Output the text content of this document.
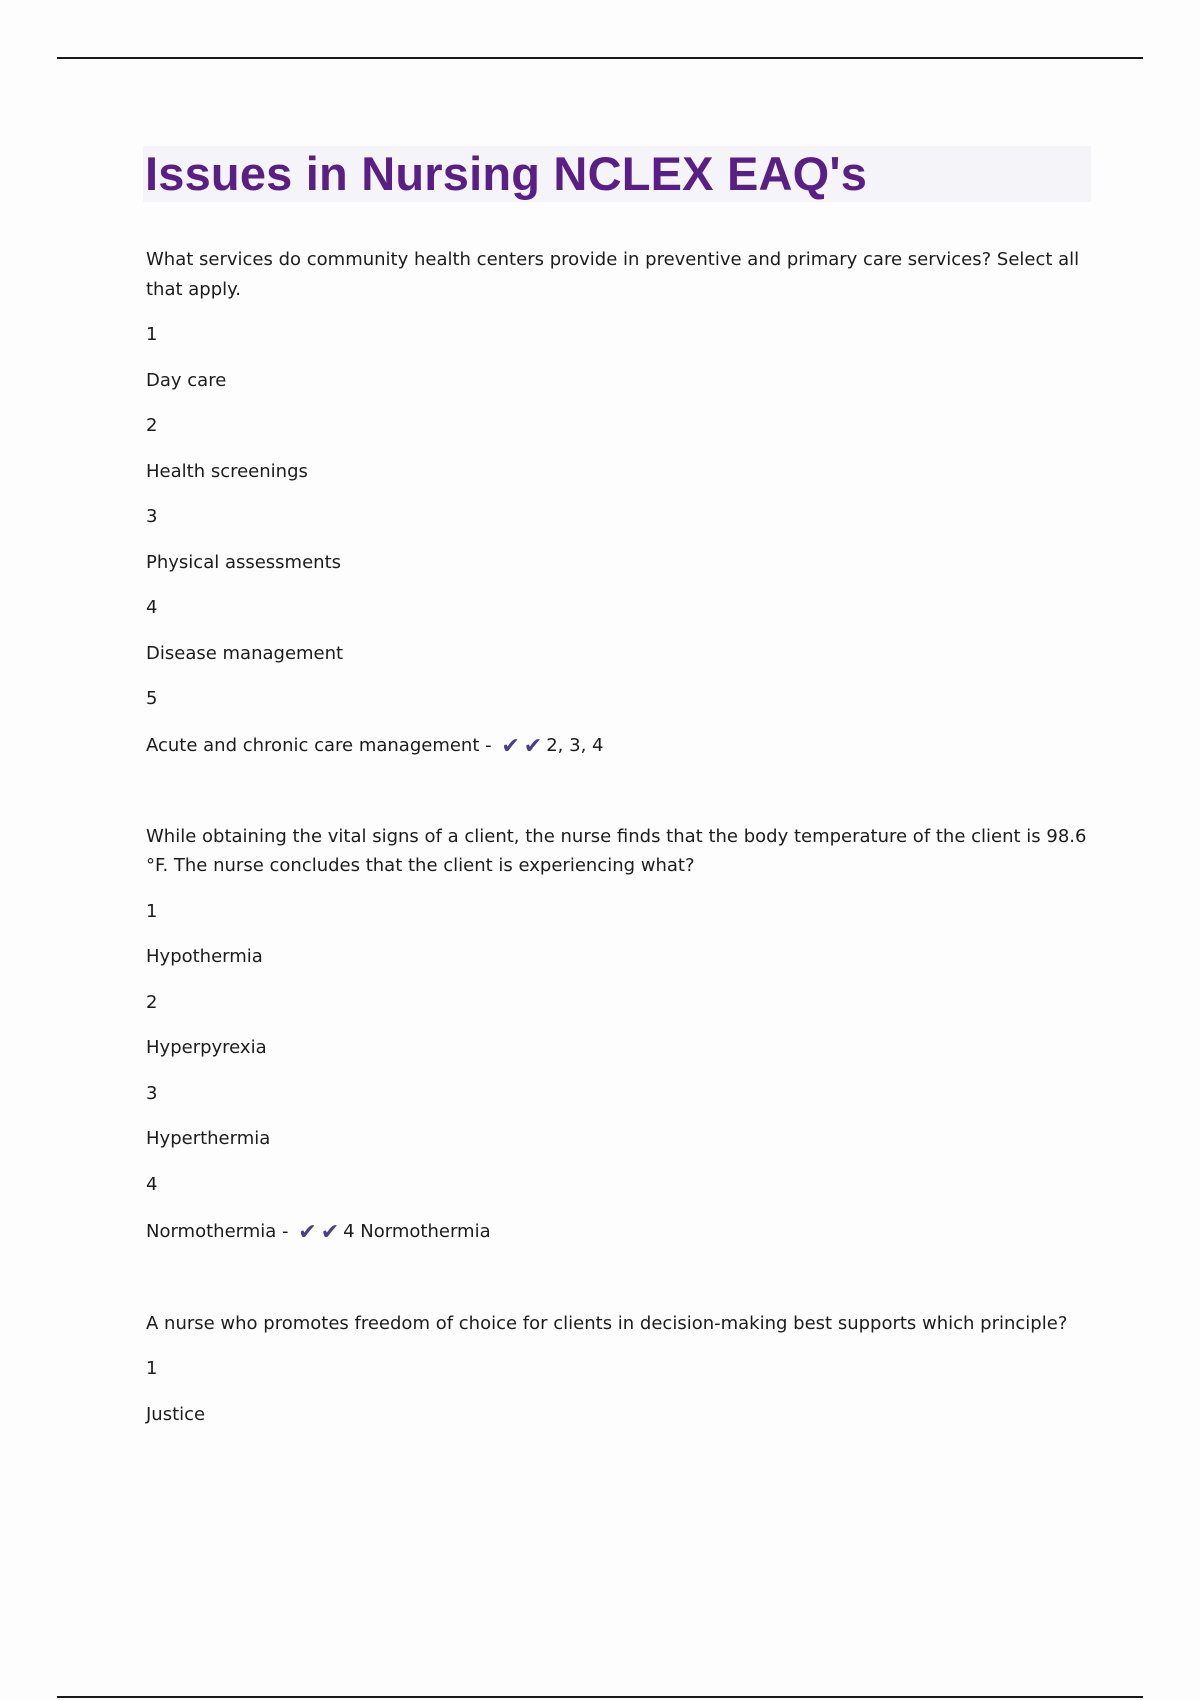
Issues in Nursing NCLEX EAQ's

What services do community health centers provide in preventive and primary care services? Select all

that apply.

1

Day care

2

Health screenings

3

Physical assessments

4

Disease management

5

Acute and chronic care management - ✔ ✔ 2, 3, 4

While obtaining the vital signs of a client, the nurse finds that the body temperature of the client is 98.6

°F. The nurse concludes that the client is experiencing what?

1

Hypothermia

2

Hyperpyrexia

3

Hyperthermia

4

Normothermia - ✔ ✔ 4 Normothermia

A nurse who promotes freedom of choice for clients in decision-making best supports which principle?

1

Justice
